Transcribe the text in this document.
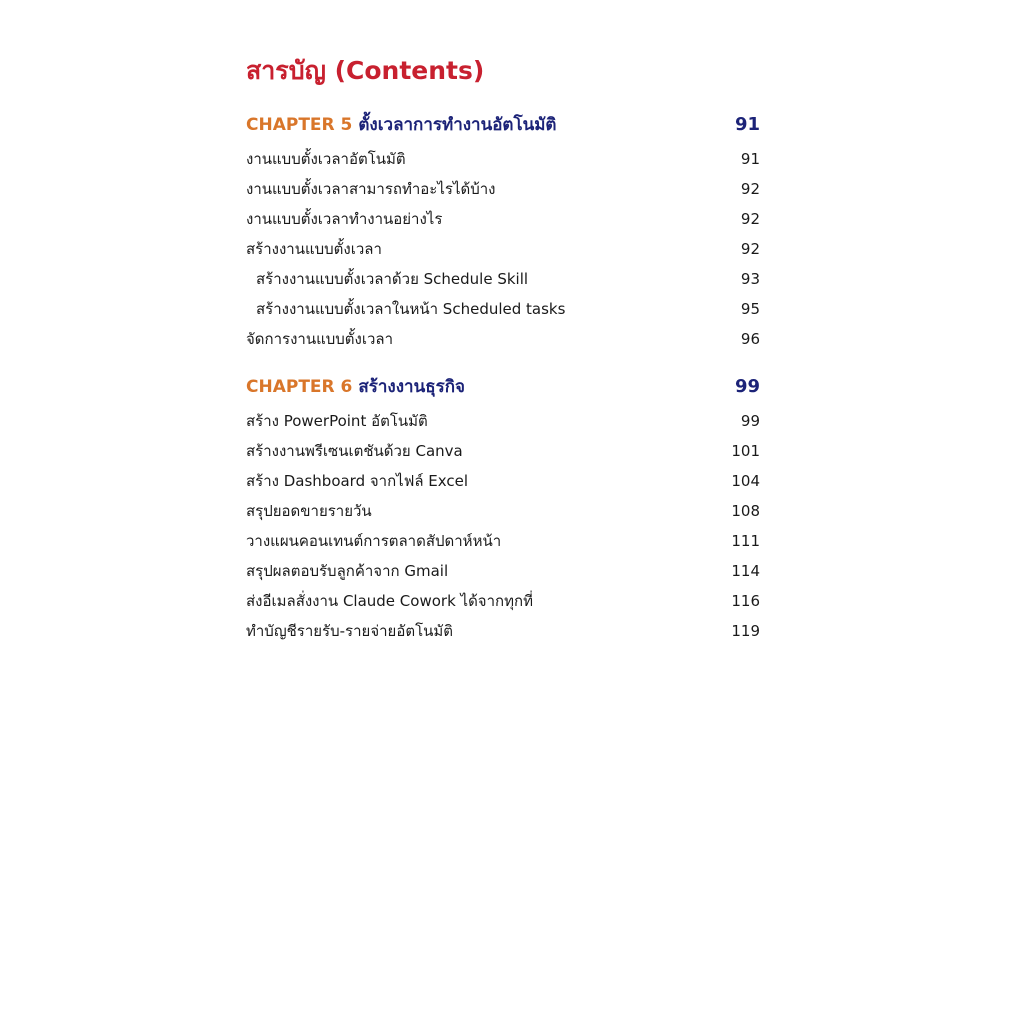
สารบัญ (Contents)
CHAPTER 5 ตั้งเวลาการทำงานอัตโนมัติ	91
งานแบบตั้งเวลาอัตโนมัติ	91
งานแบบตั้งเวลาสามารถทำอะไรได้บ้าง	92
งานแบบตั้งเวลาทำงานอย่างไร	92
สร้างงานแบบตั้งเวลา	92
สร้างงานแบบตั้งเวลาด้วย Schedule Skill	93
สร้างงานแบบตั้งเวลาในหน้า Scheduled tasks	95
จัดการงานแบบตั้งเวลา	96
CHAPTER 6 สร้างงานธุรกิจ	99
สร้าง PowerPoint อัตโนมัติ	99
สร้างงานพรีเซนเตชันด้วย Canva	101
สร้าง Dashboard จากไฟล์ Excel	104
สรุปยอดขายรายวัน	108
วางแผนคอนเทนต์การตลาดสัปดาห์หน้า	111
สรุปผลตอบรับลูกค้าจาก Gmail	114
ส่งอีเมลสั่งงาน Claude Cowork ได้จากทุกที่	116
ทำบัญชีรายรับ-รายจ่ายอัตโนมัติ	119
